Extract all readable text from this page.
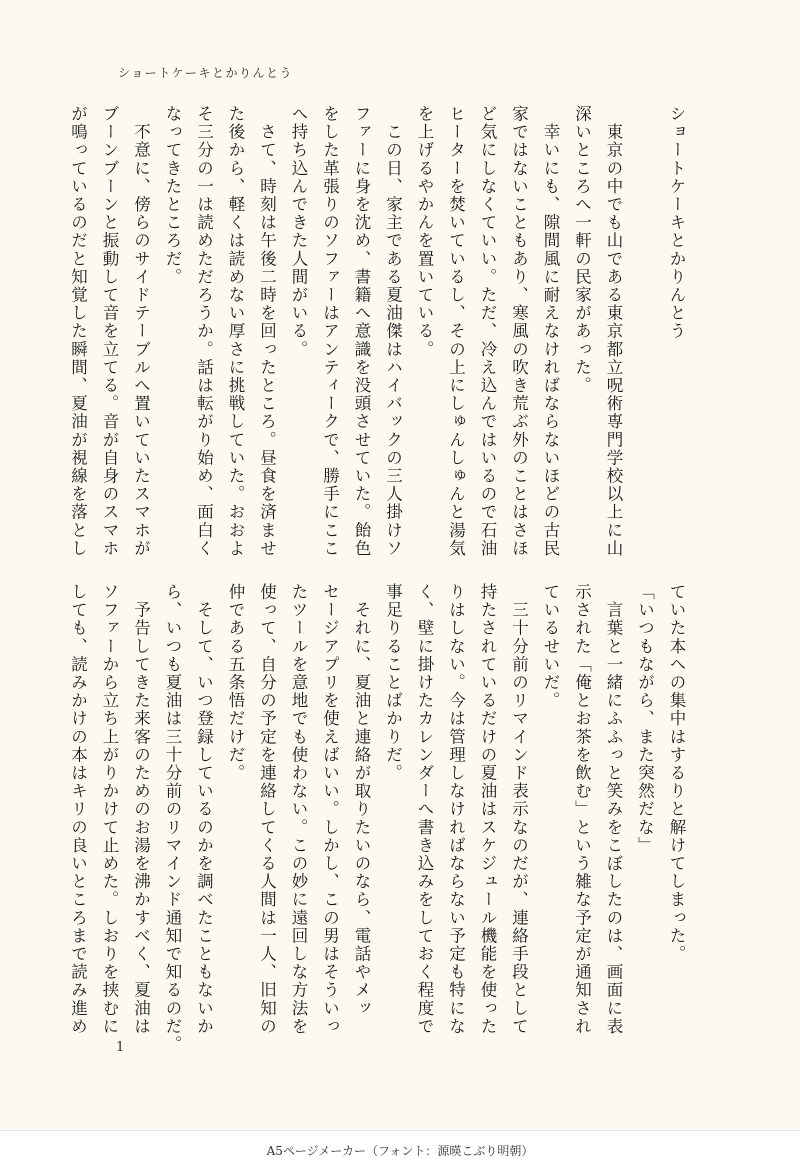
ショートケーキとかりんとう

ショートケーキとかりんとう

　東京の中でも山である東京都立呪術専門学校以上に山

深いところへ一軒の民家があった。

　幸いにも、隙間風に耐えなければならないほどの古民

家ではないこともあり、寒風の吹き荒ぶ外のことはさほ

ど気にしなくていい。ただ、冷え込んではいるので石油

ヒーターを焚いているし、その上にしゅんしゅんと湯気

を上げるやかんを置いている。

　この日、家主である夏油傑はハイバックの三人掛けソ

ファーに身を沈め、書籍へ意識を没頭させていた。飴色

をした革張りのソファーはアンティークで、勝手にここ

へ持ち込んできた人間がいる。

　さて、時刻は午後二時を回ったところ。昼食を済ませ

た後から、軽くは読めない厚さに挑戦していた。おおよ

そ三分の一は読めただろうか。話は転がり始め、面白く

なってきたところだ。

　不意に、傍らのサイドテーブルへ置いていたスマホが

ブーンブーンと振動して音を立てる。音が自身のスマホ

が鳴っているのだと知覚した瞬間、夏油が視線を落とし

ていた本への集中はするりと解けてしまった。

「いつもながら、また突然だな」

　言葉と一緒にふふっと笑みをこぼしたのは、画面に表

示された「俺とお茶を飲む」という雑な予定が通知され

ているせいだ。

　三十分前のリマインド表示なのだが、連絡手段として

持たされているだけの夏油はスケジュール機能を使った

りはしない。今は管理しなければならない予定も特にな

く、壁に掛けたカレンダーへ書き込みをしておく程度で

事足りることばかりだ。

　それに、夏油と連絡が取りたいのなら、電話やメッ

セージアプリを使えばいい。しかし、この男はそういっ

たツールを意地でも使わない。この妙に遠回しな方法を

使って、自分の予定を連絡してくる人間は一人、旧知の

仲である五条悟だけだ。

　そして、いつ登録しているのかを調べたこともないか

ら、いつも夏油は三十分前のリマインド通知で知るのだ。

　予告してきた来客のためのお湯を沸かすべく、夏油は

ソファーから立ち上がりかけて止めた。しおりを挟むに

しても、読みかけの本はキリの良いところまで読み進め

1
A5ページメーカー（フォント：源暎こぶり明朝）
